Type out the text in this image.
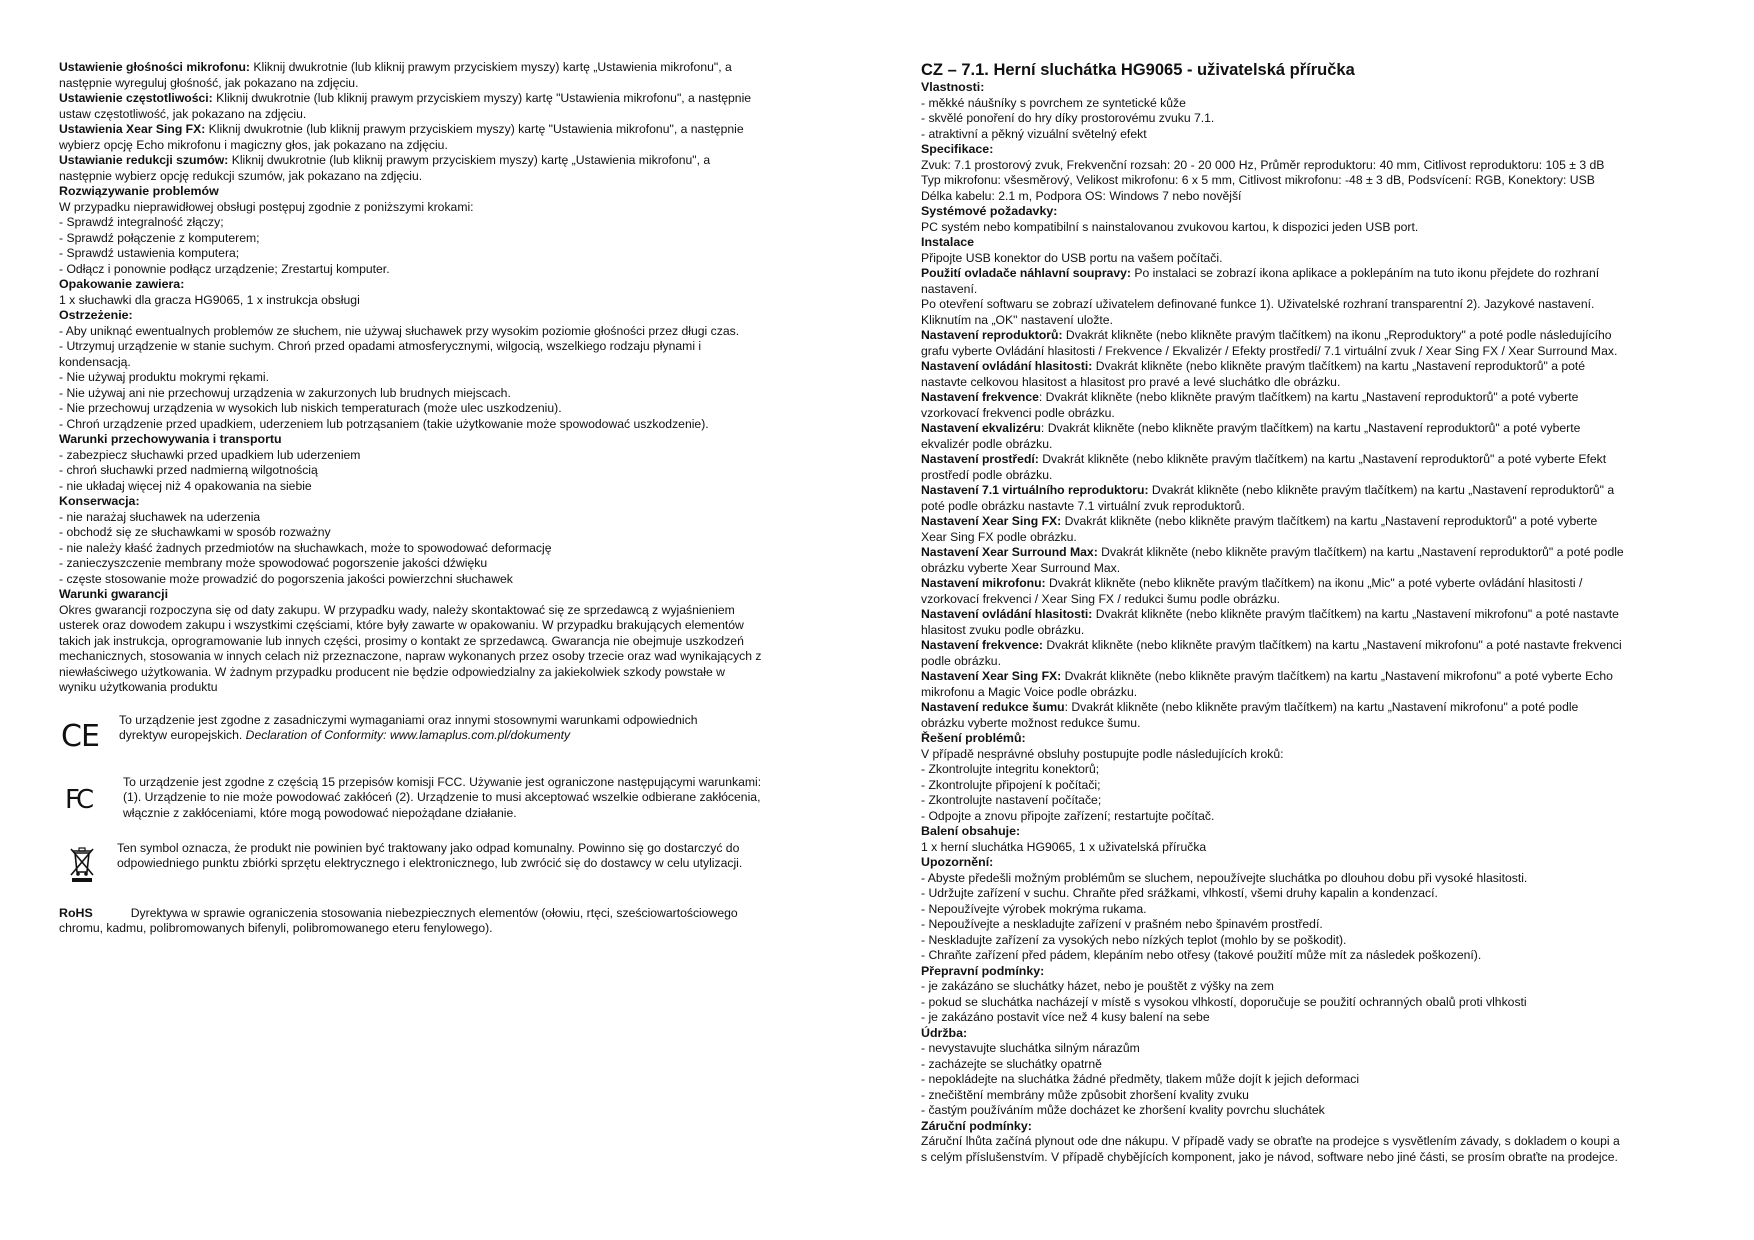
Ustawienie głośności mikrofonu: Kliknij dwukrotnie (lub kliknij prawym przyciskiem myszy) kartę „Ustawienia mikrofonu", a
następnie wyreguluj głośność, jak pokazano na zdjęciu.
Ustawienie częstotliwości: Kliknij dwukrotnie (lub kliknij prawym przyciskiem myszy) kartę "Ustawienia mikrofonu", a następnie
ustaw częstotliwość, jak pokazano na zdjęciu.
Ustawienia Xear Sing FX: Kliknij dwukrotnie (lub kliknij prawym przyciskiem myszy) kartę "Ustawienia mikrofonu", a następnie
wybierz opcję Echo mikrofonu i magiczny głos, jak pokazano na zdjęciu.
Ustawianie redukcji szumów: Kliknij dwukrotnie (lub kliknij prawym przyciskiem myszy) kartę „Ustawienia mikrofonu", a
następnie wybierz opcję redukcji szumów, jak pokazano na zdjęciu.
Rozwiązywanie problemów
W przypadku nieprawidłowej obsługi postępuj zgodnie z poniższymi krokami:
- Sprawdź integralność złączy;
- Sprawdź połączenie z komputerem;
- Sprawdź ustawienia komputera;
- Odłącz i ponownie podłącz urządzenie; Zrestartuj komputer.
Opakowanie zawiera:
1 x słuchawki dla gracza HG9065, 1 x instrukcja obsługi
Ostrzeżenie:
- Aby uniknąć ewentualnych problemów ze słuchem, nie używaj słuchawek przy wysokim poziomie głośności przez długi czas.
- Utrzymuj urządzenie w stanie suchym. Chroń przed opadami atmosferycznymi, wilgocią, wszelkiego rodzaju płynami i
kondensacją.
- Nie używaj produktu mokrymi rękami.
- Nie używaj ani nie przechowuj urządzenia w zakurzonych lub brudnych miejscach.
- Nie przechowuj urządzenia w wysokich lub niskich temperaturach (może ulec uszkodzeniu).
- Chroń urządzenie przed upadkiem, uderzeniem lub potrząsaniem (takie użytkowanie może spowodować uszkodzenie).
Warunki przechowywania i transportu
- zabezpiecz słuchawki przed upadkiem lub uderzeniem
- chroń słuchawki przed nadmierną wilgotnością
- nie układaj więcej niż 4 opakowania na siebie
Konserwacja:
- nie narażaj słuchawek na uderzenia
- obchodź się ze słuchawkami w sposób rozważny
- nie należy kłaść żadnych przedmiotów na słuchawkach, może to spowodować deformację
- zanieczyszczenie membrany może spowodować pogorszenie jakości dźwięku
- częste stosowanie może prowadzić do pogorszenia jakości powierzchni słuchawek
Warunki gwarancji
Okres gwarancji rozpoczyna się od daty zakupu. W przypadku wady, należy skontaktować się ze sprzedawcą z wyjaśnieniem
usterek oraz dowodem zakupu i wszystkimi częściami, które były zawarte w opakowaniu. W przypadku brakujących elementów
takich jak instrukcja, oprogramowanie lub innych części, prosimy o kontakt ze sprzedawcą. Gwarancja nie obejmuje uszkodzeń
mechanicznych, stosowania w innych celach niż przeznaczone, napraw wykonanych przez osoby trzecie oraz wad wynikających z
niewłaściwego użytkowania. W żadnym przypadku producent nie będzie odpowiedzialny za jakiekolwiek szkody powstałe w
wyniku użytkowania produktu
CE To urządzenie jest zgodne z zasadniczymi wymaganiami oraz innymi stosownymi warunkami odpowiednich
dyrektyw europejskich. Declaration of Conformity: www.lamaplus.com.pl/dokumenty
FC
To urządzenie jest zgodne z częścią 15 przepisów komisji FCC. Używanie jest ograniczone następującymi warunkami:
(1). Urządzenie to nie może powodować zakłóceń (2). Urządzenie to musi akceptować wszelkie odbierane zakłócenia,
włącznie z zakłóceniami, które mogą powodować niepożądane działanie.
Ten symbol oznacza, że produkt nie powinien być traktowany jako odpad komunalny. Powinno się go dostarczyć do
odpowiedniego punktu zbiórki sprzętu elektrycznego i elektronicznego, lub zwrócić się do dostawcy w celu utylizacji.
RoHS	Dyrektywa w sprawie ograniczenia stosowania niebezpiecznych elementów (ołowiu, rtęci, sześciowartościowego
chromu, kadmu, polibromowanych bifenyli, polibromowanego eteru fenylowego).
CZ – 7.1. Herní sluchátka HG9065 - uživatelská příručka
Vlastnosti:
- měkké náušníky s povrchem ze syntetické kůže
- skvělé ponoření do hry díky prostorovému zvuku 7.1.
- atraktivní a pěkný vizuální světelný efekt
Specifikace:
Zvuk: 7.1 prostorový zvuk, Frekvenční rozsah: 20 - 20 000 Hz, Průměr reproduktoru: 40 mm, Citlivost reproduktoru: 105 ± 3 dB
Typ mikrofonu: všesměrový, Velikost mikrofonu: 6 x 5 mm, Citlivost mikrofonu: -48 ± 3 dB, Podsvícení: RGB, Konektory: USB
Délka kabelu: 2.1 m, Podpora OS: Windows 7 nebo novější
Systémové požadavky:
PC systém nebo kompatibilní s nainstalovanou zvukovou kartou, k dispozici jeden USB port.
Instalace
Připojte USB konektor do USB portu na vašem počítači.
Použití ovladače náhlavní soupravy: Po instalaci se zobrazí ikona aplikace a poklepáním na tuto ikonu přejdete do rozhraní
nastavení.
Po otevření softwaru se zobrazí uživatelem definované funkce 1). Uživatelské rozhraní transparentní 2). Jazykové nastavení.
Kliknutím na „OK" nastavení uložte.
Nastavení reproduktorů: Dvakrát klikněte (nebo klikněte pravým tlačítkem) na ikonu „Reproduktory" a poté podle následujícího
grafu vyberte Ovládání hlasitosti / Frekvence / Ekvalizér / Efekty prostředí/ 7.1 virtuální zvuk / Xear Sing FX / Xear Surround Max.
Nastavení ovládání hlasitosti: Dvakrát klikněte (nebo klikněte pravým tlačítkem) na kartu „Nastavení reproduktorů" a poté
nastavte celkovou hlasitost a hlasitost pro pravé a levé sluchátko dle obrázku.
Nastavení frekvence: Dvakrát klikněte (nebo klikněte pravým tlačítkem) na kartu „Nastavení reproduktorů" a poté vyberte
vzorkovací frekvenci podle obrázku.
Nastavení ekvalizéru: Dvakrát klikněte (nebo klikněte pravým tlačítkem) na kartu „Nastavení reproduktorů" a poté vyberte
ekvalizér podle obrázku.
Nastavení prostředí: Dvakrát klikněte (nebo klikněte pravým tlačítkem) na kartu „Nastavení reproduktorů" a poté vyberte Efekt
prostředí podle obrázku.
Nastavení 7.1 virtuálního reproduktoru: Dvakrát klikněte (nebo klikněte pravým tlačítkem) na kartu „Nastavení reproduktorů" a
poté podle obrázku nastavte 7.1 virtuální zvuk reproduktorů.
Nastavení Xear Sing FX: Dvakrát klikněte (nebo klikněte pravým tlačítkem) na kartu „Nastavení reproduktorů" a poté vyberte
Xear Sing FX podle obrázku.
Nastavení Xear Surround Max: Dvakrát klikněte (nebo klikněte pravým tlačítkem) na kartu „Nastavení reproduktorů" a poté podle
obrázku vyberte Xear Surround Max.
Nastavení mikrofonu: Dvakrát klikněte (nebo klikněte pravým tlačítkem) na ikonu „Mic" a poté vyberte ovládání hlasitosti /
vzorkovací frekvenci / Xear Sing FX / redukci šumu podle obrázku.
Nastavení ovládání hlasitosti: Dvakrát klikněte (nebo klikněte pravým tlačítkem) na kartu „Nastavení mikrofonu" a poté nastavte
hlasitost zvuku podle obrázku.
Nastavení frekvence: Dvakrát klikněte (nebo klikněte pravým tlačítkem) na kartu „Nastavení mikrofonu" a poté nastavte frekvenci
podle obrázku.
Nastavení Xear Sing FX: Dvakrát klikněte (nebo klikněte pravým tlačítkem) na kartu „Nastavení mikrofonu" a poté vyberte Echo
mikrofonu a Magic Voice podle obrázku.
Nastavení redukce šumu: Dvakrát klikněte (nebo klikněte pravým tlačítkem) na kartu „Nastavení mikrofonu" a poté podle
obrázku vyberte možnost redukce šumu.
Řešení problémů:
V případě nesprávné obsluhy postupujte podle následujících kroků:
- Zkontrolujte integritu konektorů;
- Zkontrolujte připojení k počítači;
- Zkontrolujte nastavení počítače;
- Odpojte a znovu připojte zařízení; restartujte počítač.
Balení obsahuje:
1 x herní sluchátka HG9065, 1 x uživatelská příručka
Upozornění:
- Abyste předešli možným problémům se sluchem, nepoužívejte sluchátka po dlouhou dobu při vysoké hlasitosti.
- Udržujte zařízení v suchu. Chraňte před srážkami, vlhkostí, všemi druhy kapalin a kondenzací.
- Nepoužívejte výrobek mokrýma rukama.
- Nepoužívejte a neskladujte zařízení v prašném nebo špinavém prostředí.
- Neskladujte zařízení za vysokých nebo nízkých teplot (mohlo by se poškodit).
- Chraňte zařízení před pádem, klepáním nebo otřesy (takové použití může mít za následek poškození).
Přepravní podmínky:
- je zakázáno se sluchátky házet, nebo je pouštět z výšky na zem
- pokud se sluchátka nacházejí v místě s vysokou vlhkostí, doporučuje se použití ochranných obalů proti vlhkosti
- je zakázáno postavit více než 4 kusy balení na sebe
Údržba:
- nevystavujte sluchátka silným nárazům
- zacházejte se sluchátky opatrně
- nepokládejte na sluchátka žádné předměty, tlakem může dojít k jejich deformaci
- znečištění membrány může způsobit zhoršení kvality zvuku
- častým používáním může docházet ke zhoršení kvality povrchu sluchátek
Záruční podmínky:
Záruční lhůta začíná plynout ode dne nákupu. V případě vady se obraťte na prodejce s vysvětlením závady, s dokladem o koupi a
s celým příslušenstvím. V případě chybějících komponent, jako je návod, software nebo jiné části, se prosím obraťte na prodejce.
